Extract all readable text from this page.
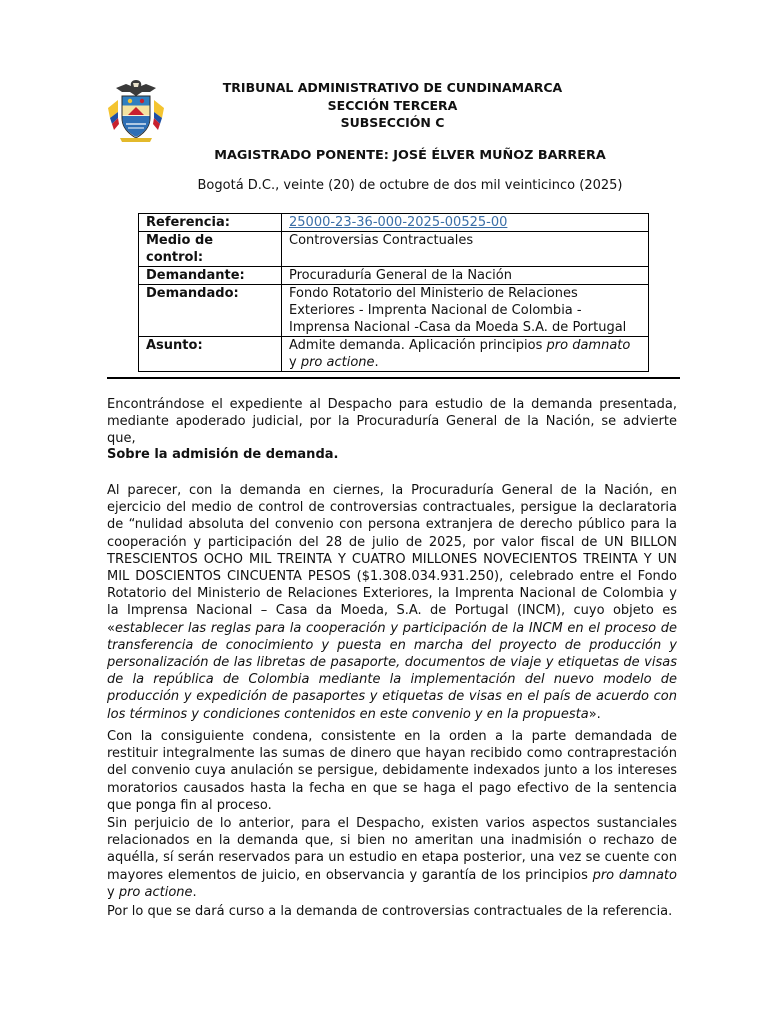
TRIBUNAL ADMINISTRATIVO DE CUNDINAMARCA
SECCIÓN TERCERA
SUBSECCIÓN C
MAGISTRADO PONENTE: JOSÉ ÉLVER MUÑOZ BARRERA
Bogotá D.C., veinte (20) de octubre de dos mil veinticinco (2025)
Referencia:	25000-23-36-000-2025-00525-00
Medio de control:	Controversias Contractuales
Demandante:	Procuraduría General de la Nación
Demandado:	Fondo Rotatorio del Ministerio de Relaciones Exteriores - Imprenta Nacional de Colombia -Imprensa Nacional -Casa da Moeda S.A. de Portugal
Asunto:	Admite demanda. Aplicación principios pro damnato y pro actione.

Encontrándose el expediente al Despacho para estudio de la demanda presentada, mediante apoderado judicial, por la Procuraduría General de la Nación, se advierte que,

Sobre la admisión de demanda.

Al parecer, con la demanda en ciernes, la Procuraduría General de la Nación, en ejercicio del medio de control de controversias contractuales, persigue la declaratoria de “nulidad absoluta del convenio con persona extranjera de derecho público para la cooperación y participación del 28 de julio de 2025, por valor fiscal de UN BILLON TRESCIENTOS OCHO MIL TREINTA Y CUATRO MILLONES NOVECIENTOS TREINTA Y UN MIL DOSCIENTOS CINCUENTA PESOS ($1.308.034.931.250), celebrado entre el Fondo Rotatorio del Ministerio de Relaciones Exteriores, la Imprenta Nacional de Colombia y la Imprensa Nacional – Casa da Moeda, S.A. de Portugal (INCM), cuyo objeto es «establecer las reglas para la cooperación y participación de la INCM en el proceso de transferencia de conocimiento y puesta en marcha del proyecto de producción y personalización de las libretas de pasaporte, documentos de viaje y etiquetas de visas de la república de Colombia mediante la implementación del nuevo modelo de producción y expedición de pasaportes y etiquetas de visas en el país de acuerdo con los términos y condiciones contenidos en este convenio y en la propuesta».

Con la consiguiente condena, consistente en la orden a la parte demandada de restituir integralmente las sumas de dinero que hayan recibido como contraprestación del convenio cuya anulación se persigue, debidamente indexados junto a los intereses moratorios causados hasta la fecha en que se haga el pago efectivo de la sentencia que ponga fin al proceso.

Sin perjuicio de lo anterior, para el Despacho, existen varios aspectos sustanciales relacionados en la demanda que, si bien no ameritan una inadmisión o rechazo de aquélla, sí serán reservados para un estudio en etapa posterior, una vez se cuente con mayores elementos de juicio, en observancia y garantía de los principios pro damnato y pro actione.

Por lo que se dará curso a la demanda de controversias contractuales de la referencia.
